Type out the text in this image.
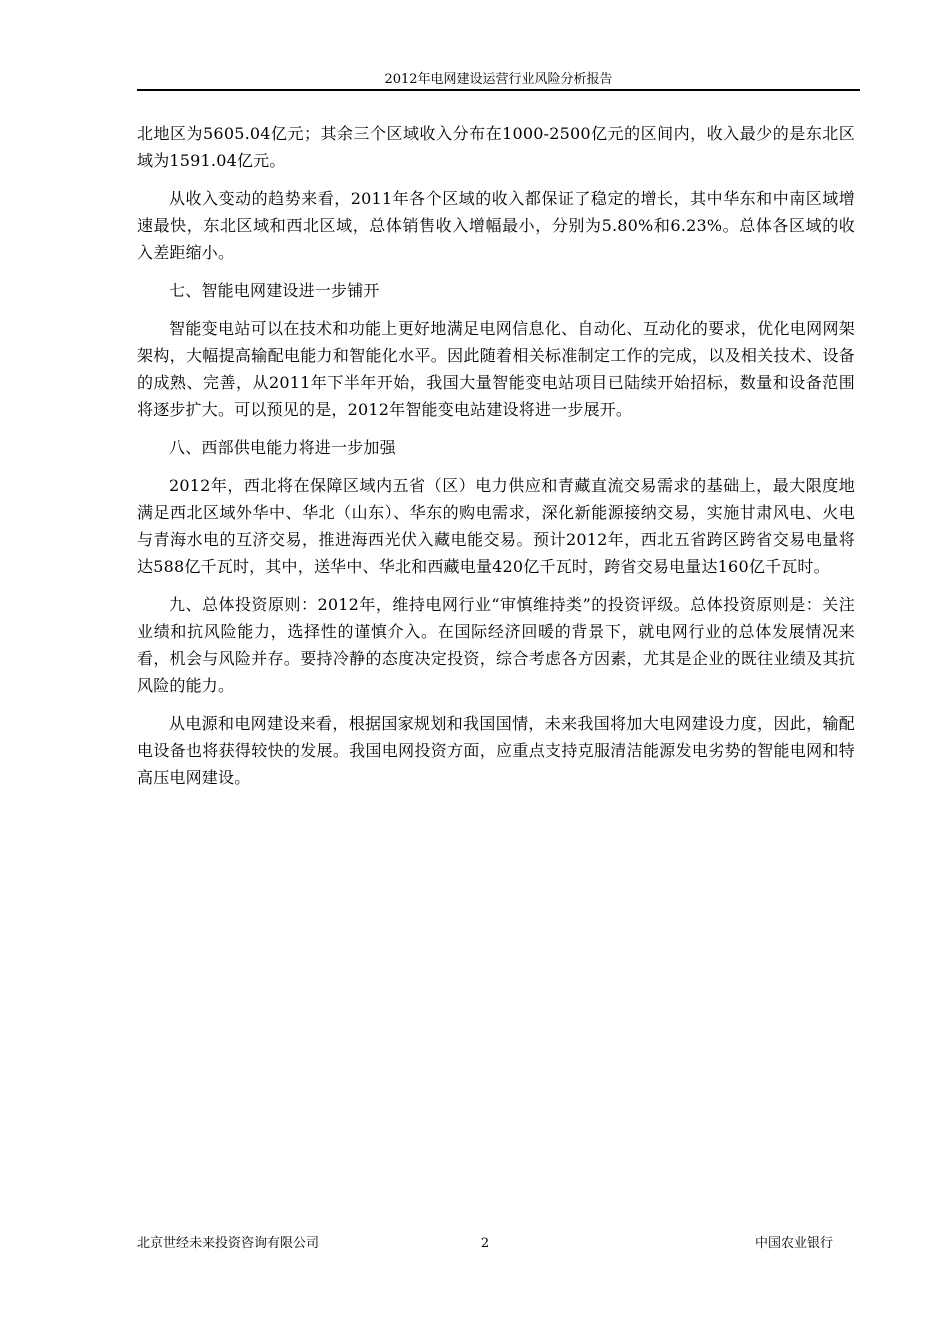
2012年电网建设运营行业风险分析报告

北地区为5605.04亿元；其余三个区域收入分布在1000-2500亿元的区间内，收入最少的是东北区域为1591.04亿元。

从收入变动的趋势来看，2011年各个区域的收入都保证了稳定的增长，其中华东和中南区域增速最快，东北区域和西北区域，总体销售收入增幅最小，分别为5.80%和6.23%。总体各区域的收入差距缩小。

七、智能电网建设进一步铺开

智能变电站可以在技术和功能上更好地满足电网信息化、自动化、互动化的要求，优化电网网架架构，大幅提高输配电能力和智能化水平。因此随着相关标准制定工作的完成，以及相关技术、设备的成熟、完善，从2011年下半年开始，我国大量智能变电站项目已陆续开始招标，数量和设备范围将逐步扩大。可以预见的是，2012年智能变电站建设将进一步展开。

八、西部供电能力将进一步加强

2012年，西北将在保障区域内五省（区）电力供应和青藏直流交易需求的基础上，最大限度地满足西北区域外华中、华北（山东）、华东的购电需求，深化新能源接纳交易，实施甘肃风电、火电与青海水电的互济交易，推进海西光伏入藏电能交易。预计2012年，西北五省跨区跨省交易电量将达588亿千瓦时，其中，送华中、华北和西藏电量420亿千瓦时，跨省交易电量达160亿千瓦时。

九、总体投资原则：2012年，维持电网行业“审慎维持类”的投资评级。总体投资原则是：关注业绩和抗风险能力，选择性的谨慎介入。在国际经济回暖的背景下，就电网行业的总体发展情况来看，机会与风险并存。要持冷静的态度决定投资，综合考虑各方因素，尤其是企业的既往业绩及其抗风险的能力。

从电源和电网建设来看，根据国家规划和我国国情，未来我国将加大电网建设力度，因此，输配电设备也将获得较快的发展。我国电网投资方面，应重点支持克服清洁能源发电劣势的智能电网和特高压电网建设。

北京世经未来投资咨询有限公司	2	中国农业银行
